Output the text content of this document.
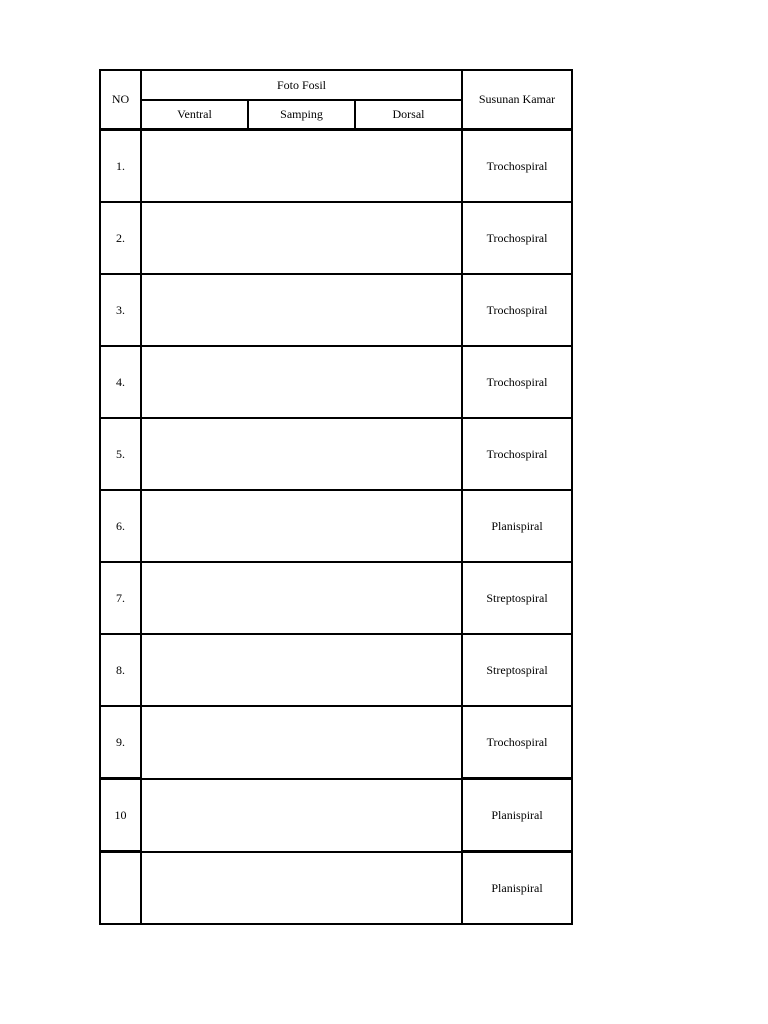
NO	Foto Fosil			Susunan Kamar
	Ventral	Samping	Dorsal	
1.				Trochospiral
2.				Trochospiral
3.				Trochospiral
4.				Trochospiral
5.				Trochospiral
6.				Planispiral
7.				Streptospiral
8.				Streptospiral
9.				Trochospiral
10				Planispiral
				Planispiral
